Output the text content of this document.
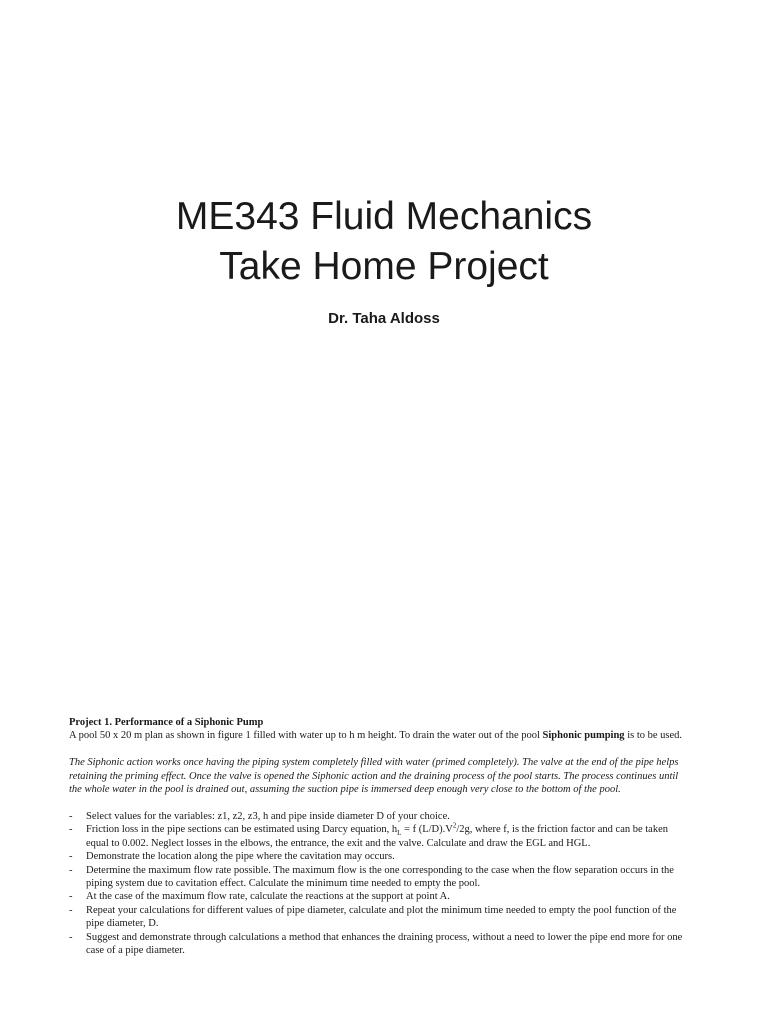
ME343 Fluid Mechanics
Take Home Project
Dr. Taha Aldoss

Project 1. Performance of a Siphonic Pump

A pool 50 x 20 m plan as shown in figure 1 filled with water up to h m height. To drain the water out of the pool Siphonic pumping is to be used.

The Siphonic action works once having the piping system completely filled with water (primed completely). The valve at the end of the pipe helps retaining the priming effect. Once the valve is opened the Siphonic action and the draining process of the pool starts. The process continues until the whole water in the pool is drained out, assuming the suction pipe is immersed deep enough very close to the bottom of the pool.

- Select values for the variables: z1, z2, z3, h and pipe inside diameter D of your choice.
- Friction loss in the pipe sections can be estimated using Darcy equation, $h_L = f$ $(L/D).V^2/2g$, where f, is the friction factor and can be taken equal to 0.002. Neglect losses in the elbows, the entrance, the exit and the valve. Calculate and draw the EGL and HGL.
- Demonstrate the location along the pipe where the cavitation may occurs.
- Determine the maximum flow rate possible. The maximum flow is the one corresponding to the case when the flow separation occurs in the piping system due to cavitation effect. Calculate the minimum time needed to empty the pool.
- At the case of the maximum flow rate, calculate the reactions at the support at point A.
- Repeat your calculations for different values of pipe diameter, calculate and plot the minimum time needed to empty the pool function of the pipe diameter, D.
- Suggest and demonstrate through calculations a method that enhances the draining process, without a need to lower the pipe end more for one case of a pipe diameter.
